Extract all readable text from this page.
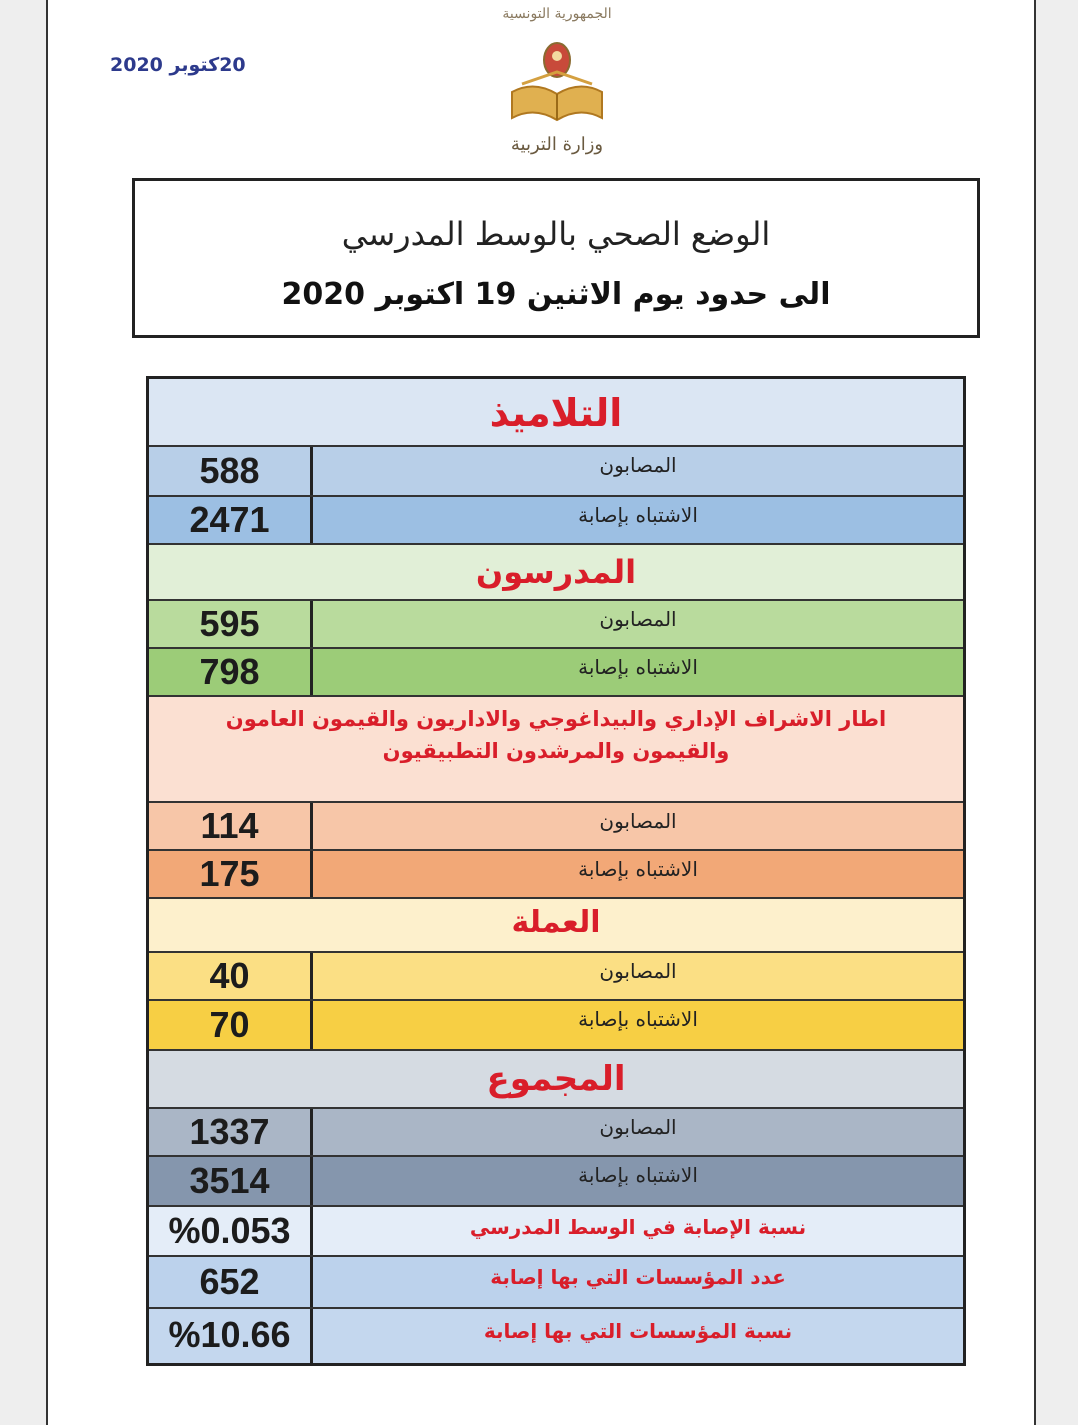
20كتوبر 2020
الجمهورية التونسية
وزارة التربية
الوضع الصحي بالوسط المدرسي
الى حدود يوم الاثنين 19 اكتوبر 2020
التلاميذ
588	المصابون
2471	الاشتباه بإصابة
المدرسون
595	المصابون
798	الاشتباه بإصابة
اطار الاشراف الإداري والبيداغوجي والاداريون والقيمون العامون
والقيمون والمرشدون التطبيقيون
114	المصابون
175	الاشتباه بإصابة
العملة
40	المصابون
70	الاشتباه بإصابة
المجموع
1337	المصابون
3514	الاشتباه بإصابة
%0.053	نسبة الإصابة في الوسط المدرسي
652	عدد المؤسسات التي بها إصابة
%10.66	نسبة المؤسسات التي بها إصابة
